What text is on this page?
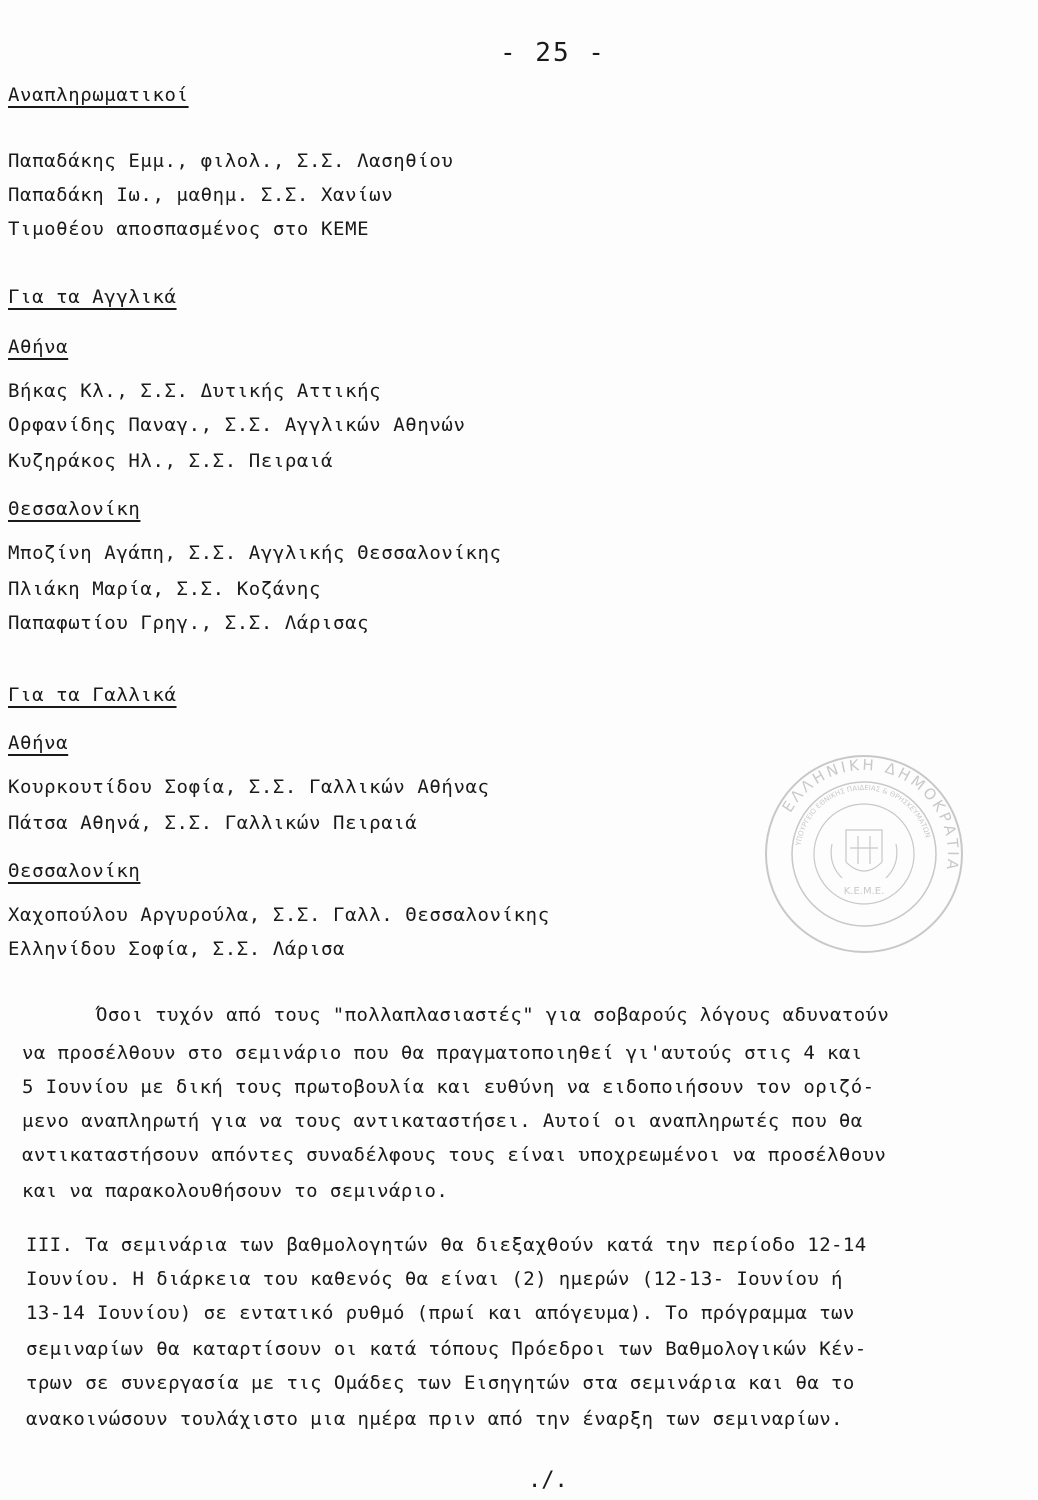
- 25 -
Αναπληρωματικοί
Παπαδάκης Εμμ., φιλολ., Σ.Σ. Λασηθίου
Παπαδάκη Ιω., μαθημ. Σ.Σ. Χανίων
Τιμοθέου αποσπασμένος στο ΚΕΜΕ
Για τα Αγγλικά
Αθήνα
Βήκας Κλ., Σ.Σ. Δυτικής Αττικής
Ορφανίδης Παναγ., Σ.Σ. Αγγλικών Αθηνών
Κυζηράκος Ηλ., Σ.Σ. Πειραιά
Θεσσαλονίκη
Μποζίνη Αγάπη, Σ.Σ. Αγγλικής Θεσσαλονίκης
Πλιάκη Μαρία, Σ.Σ. Κοζάνης
Παπαφωτίου Γρηγ., Σ.Σ. Λάρισας
Για τα Γαλλικά
Αθήνα
Κουρκουτίδου Σοφία, Σ.Σ. Γαλλικών Αθήνας
Πάτσα Αθηνά, Σ.Σ. Γαλλικών Πειραιά
Θεσσαλονίκη
Χαχοπούλου Αργυρούλα, Σ.Σ. Γαλλ. Θεσσαλονίκης
Ελληνίδου Σοφία, Σ.Σ. Λάρισα
Όσοι τυχόν από τους "πολλαπλασιαστές" για σοβαρούς λόγους αδυνατούν
να προσέλθουν στο σεμινάριο που θα πραγματοποιηθεί γι'αυτούς στις 4 και
5 Ιουνίου με δική τους πρωτοβουλία και ευθύνη να ειδοποιήσουν τον οριζό-
μενο αναπληρωτή για να τους αντικαταστήσει. Αυτοί οι αναπληρωτές που θα
αντικαταστήσουν απόντες συναδέλφους τους είναι υποχρεωμένοι να προσέλθουν
και να παρακολουθήσουν το σεμινάριο.
ΙΙΙ. Τα σεμινάρια των βαθμολογητών θα διεξαχθούν κατά την περίοδο 12-14
Ιουνίου. Η διάρκεια του καθενός θα είναι (2) ημερών (12-13- Ιουνίου ή
13-14 Ιουνίου) σε εντατικό ρυθμό (πρωί και απόγευμα). Το πρόγραμμα των
σεμιναρίων θα καταρτίσουν οι κατά τόπους Πρόεδροι των Βαθμολογικών Κέν-
τρων σε συνεργασία με τις Ομάδες των Εισηγητών στα σεμινάρια και θα το
ανακοινώσουν τουλάχιστο μια ημέρα πριν από την έναρξη των σεμιναρίων.
ΕΛΛΗΝΙΚΗ ΔΗΜΟΚΡΑΤΙΑ
ΥΠΟΥΡΓΕΙΟ ΕΘΝΙΚΗΣ ΠΑΙΔΕΙΑΣ & ΘΡΗΣΚΕΥΜΑΤΩΝ
Κ.Ε.Μ.Ε.
./.
